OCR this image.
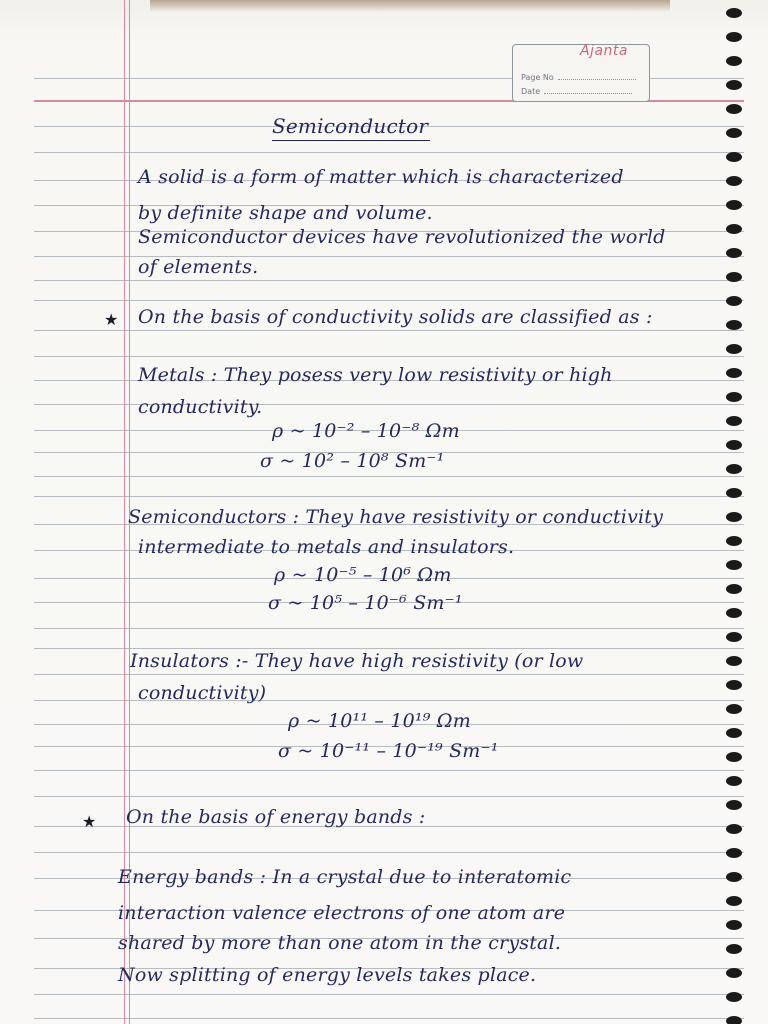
Ajanta
Page No
Date
Semiconductor
A solid is a form of matter which is characterized
by definite shape and volume.
Semiconductor devices have revolutionized the world
of elements.
★ On the basis of conductivity solids are classified as :
Metals : They posess very low resistivity or high
conductivity.
ρ ~ 10⁻² – 10⁻⁸ Ωm
σ ~ 10² – 10⁸ Sm⁻¹
Semiconductors : They have resistivity or conductivity
intermediate to metals and insulators.
ρ ~ 10⁻⁵ – 10⁶ Ωm
σ ~ 10⁵ – 10⁻⁶ Sm⁻¹
Insulators :- They have high resistivity (or low
conductivity)
ρ ~ 10¹¹ – 10¹⁹ Ωm
σ ~ 10⁻¹¹ – 10⁻¹⁹ Sm⁻¹
★ On the basis of energy bands :
Energy bands : In a crystal due to interatomic
interaction valence electrons of one atom are
shared by more than one atom in the crystal.
Now splitting of energy levels takes place.
